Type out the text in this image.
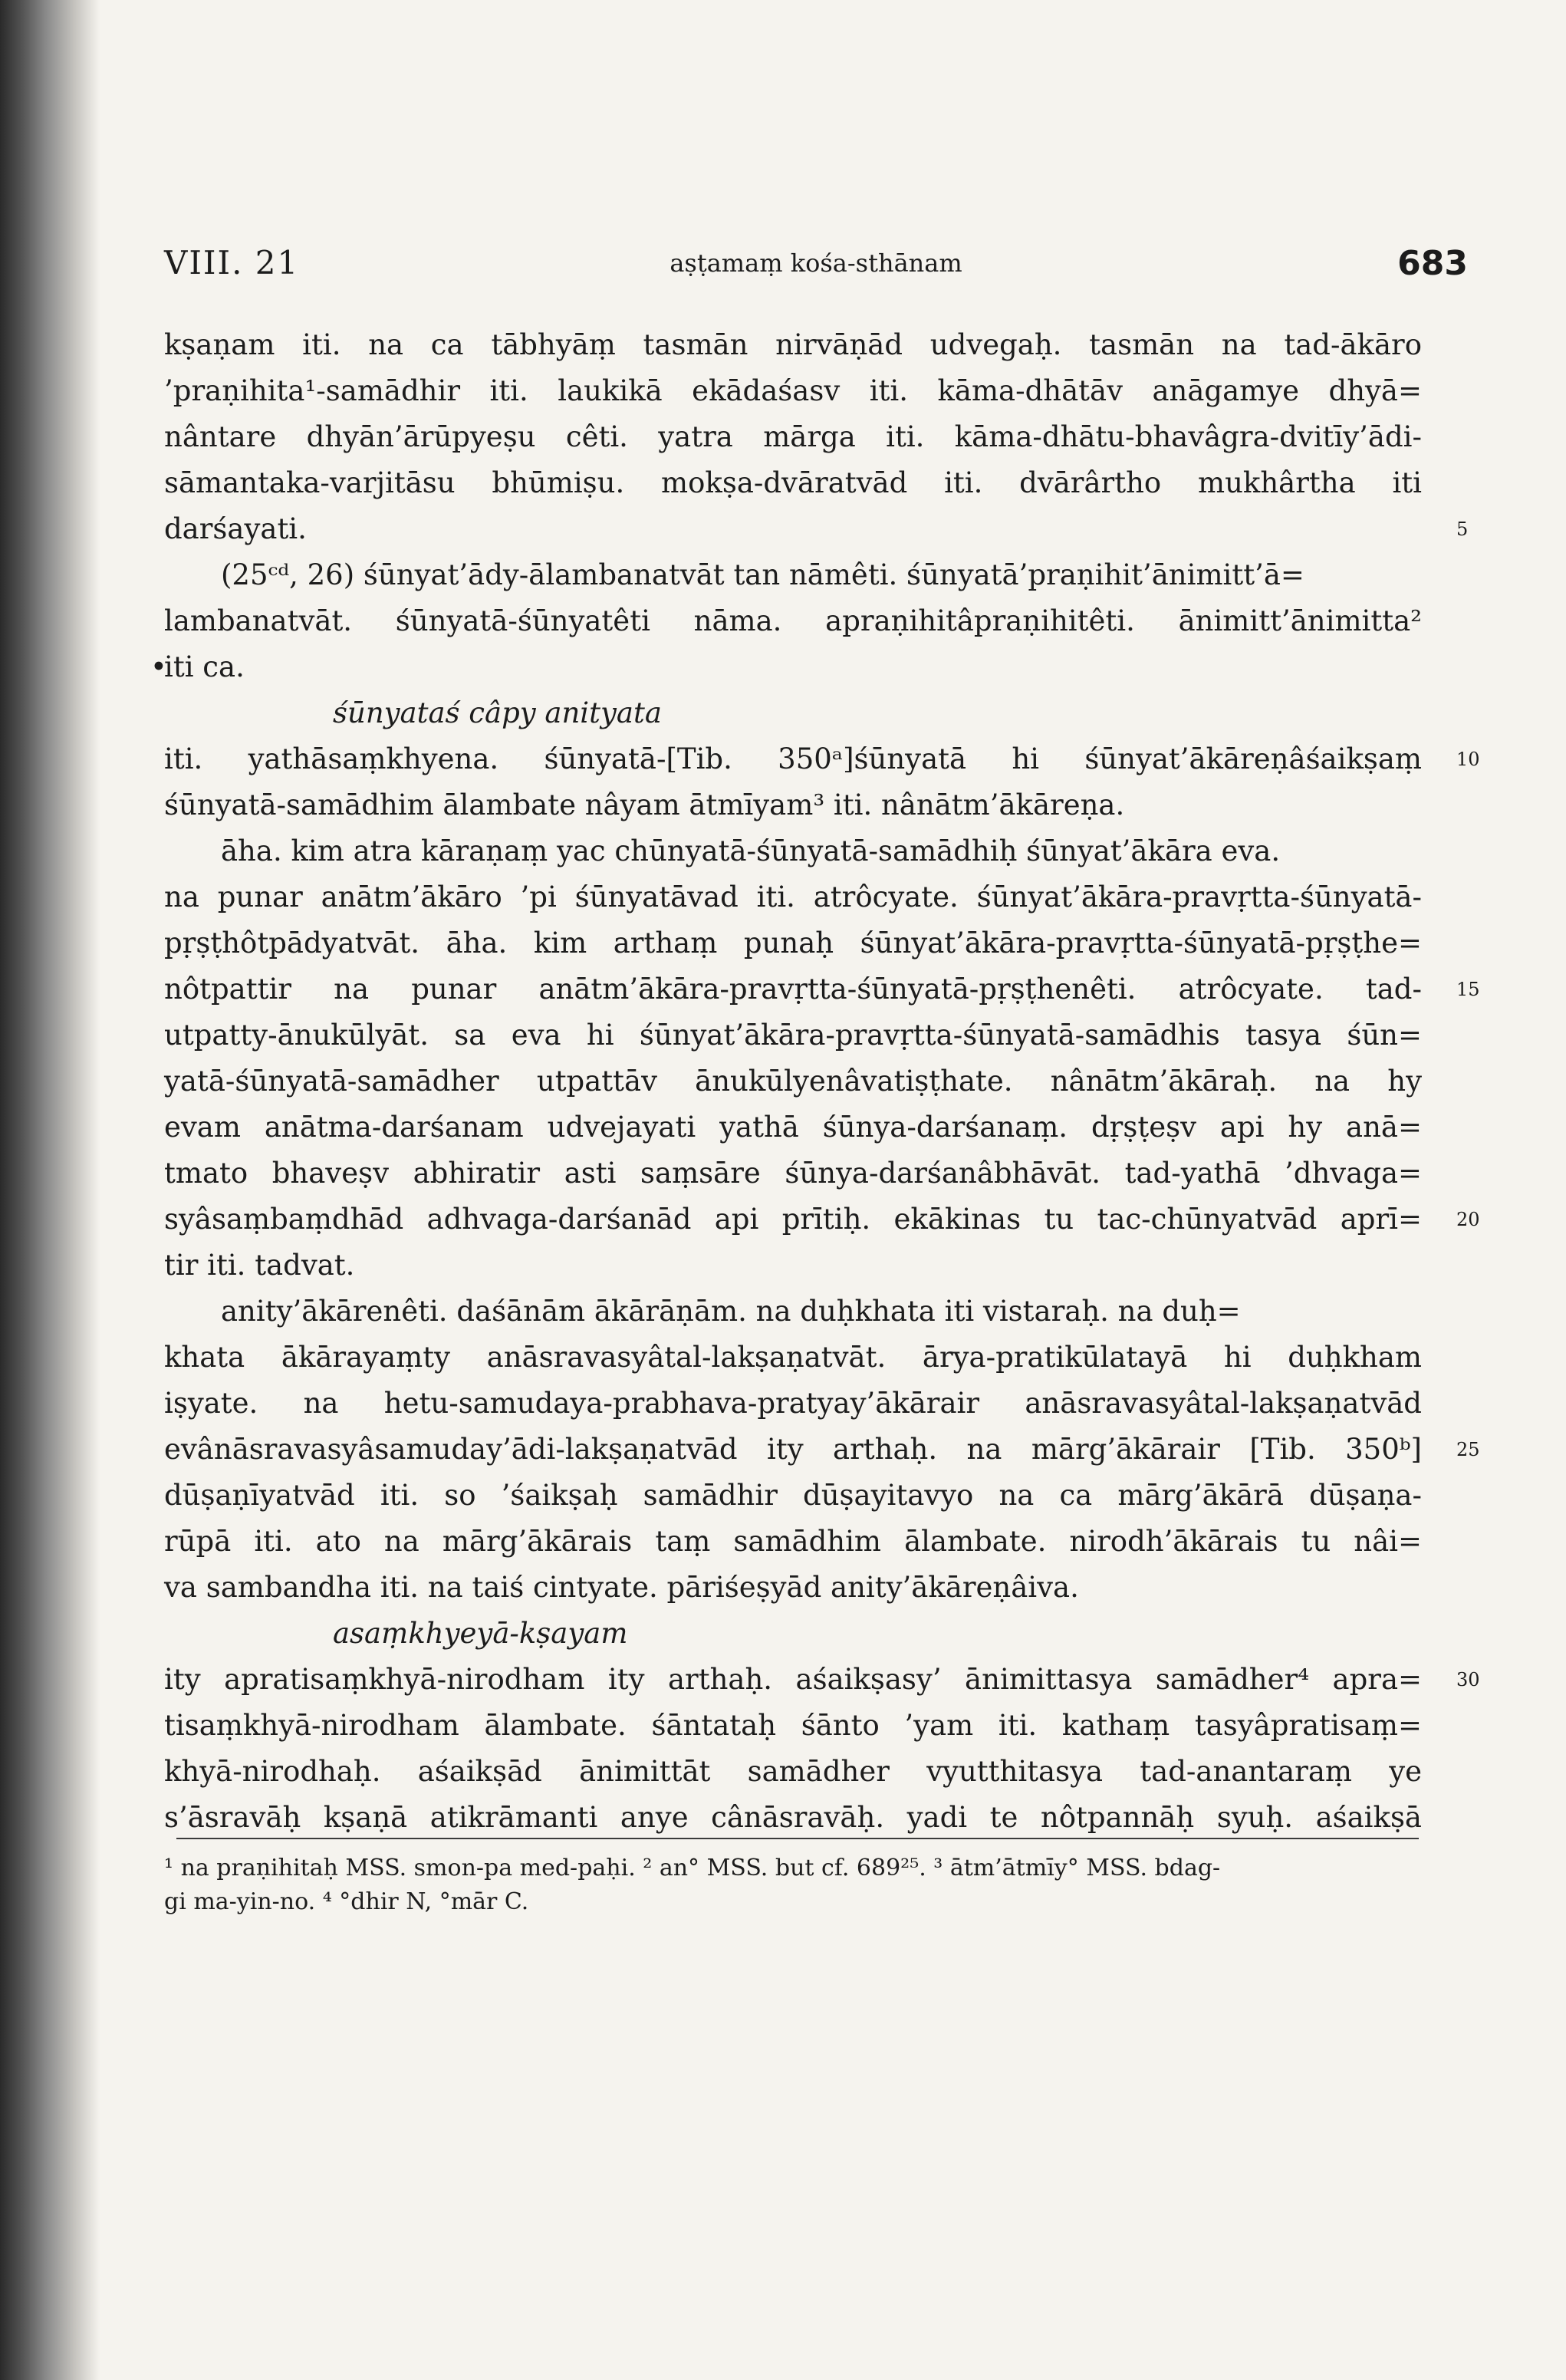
VIII. 21	aṣṭamaṃ kośa-sthānam	683
kṣaṇam iti. na ca tābhyāṃ tasmān nirvāṇād udvegaḥ. tasmān na tad-ākāro
’praṇihita¹-samādhir iti. laukikā ekādaśasv iti. kāma-dhātāv anāgamye dhyā=
nântare dhyān’ārūpyeṣu cêti. yatra mārga iti. kāma-dhātu-bhavâgra-dvitīy’ādi-
sāmantaka-varjitāsu bhūmiṣu. mokṣa-dvāratvād iti. dvārârtho mukhârtha iti
darśayati.	5
(25ᶜᵈ, 26) śūnyat’ādy-ālambanatvāt tan nāmêti. śūnyatā’praṇihit’ānimitt’ā=
lambanatvāt. śūnyatā-śūnyatêti nāma. apraṇihitâpraṇihitêti. ānimitt’ānimitta²
•
iti ca.
śūnyataś câpy anityata
iti. yathāsaṃkhyena. śūnyatā-[Tib. 350ᵃ]śūnyatā hi śūnyat’ākāreṇâśaikṣaṃ 10
śūnyatā-samādhim ālambate nâyam ātmīyam³ iti. nânātm’ākāreṇa.
āha. kim atra kāraṇaṃ yac chūnyatā-śūnyatā-samādhiḥ śūnyat’ākāra eva.
na punar anātm’ākāro ’pi śūnyatāvad iti. atrôcyate. śūnyat’ākāra-pravṛtta-śūnyatā-
pṛṣṭhôtpādyatvāt. āha. kim arthaṃ punaḥ śūnyat’ākāra-pravṛtta-śūnyatā-pṛṣṭhe=
nôtpattir na punar anātm’ākāra-pravṛtta-śūnyatā-pṛṣṭhenêti. atrôcyate. tad- 15
utpatty-ānukūlyāt. sa eva hi śūnyat’ākāra-pravṛtta-śūnyatā-samādhis tasya śūn=
yatā-śūnyatā-samādher utpattāv ānukūlyenâvatiṣṭhate. nânātm’ākāraḥ. na hy
evam anātma-darśanam udvejayati yathā śūnya-darśanaṃ. dṛṣṭeṣv api hy anā=
tmato bhaveṣv abhiratir asti saṃsāre śūnya-darśanâbhāvāt. tad-yathā ’dhvaga=
syâsaṃbaṃdhād adhvaga-darśanād api prītiḥ. ekākinas tu tac-chūnyatvād aprī= 20
tir iti. tadvat.
anity’ākārenêti. daśānām ākārāṇām. na duḥkhata iti vistaraḥ. na duḥ=
khata ākārayaṃty anāsravasyâtal-lakṣaṇatvāt. ārya-pratikūlatayā hi duḥkham
iṣyate. na hetu-samudaya-prabhava-pratyay’ākārair anāsravasyâtal-lakṣaṇatvād
evânāsravasyâsamuday’ādi-lakṣaṇatvād ity arthaḥ. na mārg’ākārair [Tib. 350ᵇ] 25
dūṣaṇīyatvād iti. so ’śaikṣaḥ samādhir dūṣayitavyo na ca mārg’ākārā dūṣaṇa-
rūpā iti. ato na mārg’ākārais taṃ samādhim ālambate. nirodh’ākārais tu nâi=
va sambandha iti. na taiś cintyate. pāriśeṣyād anity’ākāreṇâiva.
asaṃkhyeyā-kṣayam
ity apratisaṃkhyā-nirodham ity arthaḥ. aśaikṣasy’ ānimittasya samādher⁴ apra= 30
tisaṃkhyā-nirodham ālambate. śāntataḥ śānto ’yam iti. kathaṃ tasyâpratisaṃ=
khyā-nirodhaḥ. aśaikṣād ānimittāt samādher vyutthitasya tad-anantaraṃ ye
s’āsravāḥ kṣaṇā atikrāmanti anye cânāsravāḥ. yadi te nôtpannāḥ syuḥ. aśaikṣā
¹ na praṇihitaḥ MSS. smon-pa med-paḥi. ² an° MSS. but cf. 689²⁵. ³ ātm’ātmīy° MSS. bdag-
gi ma-yin-no. ⁴ °dhir N, °mār C.
